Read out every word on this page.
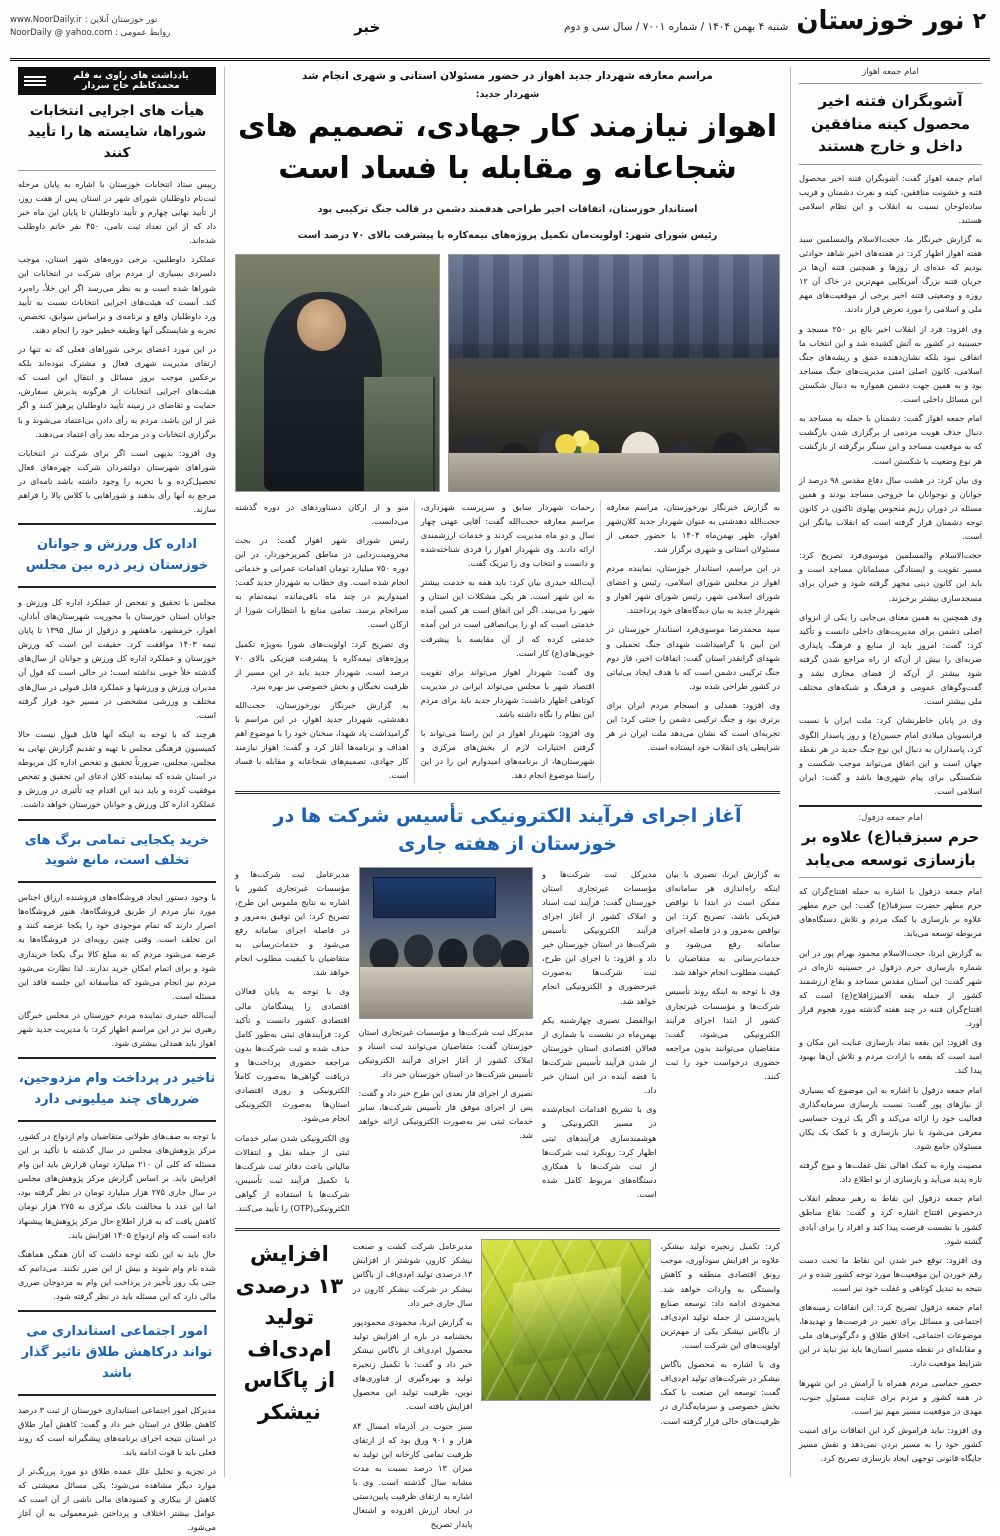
۲
نور خوزستان
شنبه ۴ بهمن ۱۴۰۴ / شماره ۷۰۰۱ / سال سی و دوم
خبر
نور خوزستان آنلاین : www.NoorDaily.ir
روابط عمومی : NoorDaily @ yahoo.com
امام جمعه اهواز
آشوبگران فتنه اخیر محصول کینه منافقین داخل و خارج هستند

امام جمعه اهواز گفت: آشوبگران فتنه اخیر محصول فتنه و خشونت منافقین، کینه و نفرت دشمنان و فریب ساده‌لوحان نسبت به انقلاب و این نظام اسلامی هستند.

به گزارش خبرنگار ما، حجت‌الاسلام والمسلمین سید هفته اهواز اظهار کرد: در هفته‌های اخیر شاهد حوادثی بودیم که عده‌ای از روزها و همچنین فتنه آن‌ها در جریان فتنه بزرگ آمریکایی مهم‌ترین در خاک آن ۱۲ روزه و وضعیتی فتنه اخیر برخی از موقعیت‌های مهم ملی و اسلامی را مورد تعرض قرار دادند.

وی افزود: فرد از انقلاب اخیر بالغ بر ۲۵۰ مسجد و حسینیه در کشور به آتش کشیده شد و این انتخاب ما اتفاقی نبود بلکه نشان‌دهنده عمق و ریشه‌های جنگ اسلامی، کانون اصلی امنی مدیریت‌های جنگ مساجد بود و به همین جهت دشمن همواره به دنبال شکستن این مسائل داخلی است.

امام جمعه اهواز گفت: دشمنان با حمله به مساجد به دنبال حذف هویت مردمی از برگزاری شدن بازگشت که به موقعیت مساجد و این سنگر برگرفته از بازگشت هر نوع وضعیت با شکستن است.

وی بیان کرد: در هشت سال دفاع مقدس ۹۸ درصد از جوانان و نوجوانان ما خروجی مساجد بودند و همین مسئله در دوران رژیم منحوس پهلوی تاکنون در کانون توجه دشمنان قرار گرفته است که انقلاب بیانگر این است.

حجت‌الاسلام والمسلمین موسوی‌فرد تصریح کرد: مسیر تقویت و ایستادگی مسلمانان مساجد است و باید این کانون دینی مجهز گرفته شود و خیران برای مسجدسازی بیشتر برخیزند.

وی همچنین به همین معنای بی‌جایی را یکی از انزوای اصلی دشمن برای مدیریت‌های داخلی دانست و تأکید کرد: گفت: امروز باید از منابع و فرهنگ پایداری ضربه‌ای را بیش از آن‌که از راه مراجع شدن گرفته شود بیشتر از آن‌که از فضای مجازی نشد و گفت‌وگوهای عمومی و فرهنگ و شبکه‌های مختلف ملی بیشتر است.

وی در پایان خاطرنشان کرد: ملت ایران با نسبت فرانسویان میلادی امام حسین(ع) و روز پاسدار الگوی کرد، پاسداران به دنبال این نوع جنگ جدید در هر نقطه جهان است و این اتفاق می‌تواند موجب شکست و شکستگی برای پیام شهری‌ها باشد و گفت: ایران اسلامی است.

امام جمعه دزفول:
حرم سبزقبا(ع) علاوه بر بازسازی توسعه می‌یابد

امام جمعه دزفول با اشاره به حمله افتتاح‌گران که حرم مطهر حضرت سبزقبا(ع) گفت: این حرم مطهر علاوه بر بازسازی با کمک مردم و تلاش دستگاه‌های مربوطه توسعه می‌یابد.

به گزارش ایرنا، حجت‌الاسلام محمود بهرام پور در این شماره بازسازی حرم دزفول در حسینیه تازه‌ای در شهر گفت: این آستان مقدس مساجد و بقاع ارزشمند کشور از جمله بقعه آلامیرزافلاح(ع) است که افتتاح‌گران فتنه در چند هفته گذشته مورد هجوم قرار آورد.

وی افزود: این بقعه نماد بازسازی عنایت این مکان و امید است که بقعه با ارادت مردم و تلاش آن‌ها بهبود پیدا کند.

امام جمعه دزفول با اشاره به این موضوع که بسیاری از نیازهای پور گفت: نسبت بازسازی سرمایه‌گذاری فعالیت خود را ارائه می‌کند و اگر یک ثروت حساسی معرفی می‌شود با نیاز بازسازی و با کمک یک یکان مسئولان جامع شود.

مصیبت واره به کمک اهالی نقل غفلت‌ها و موج گرفته تازه پدید می‌آید و بازسازی از نو اطلاع داد.

امام جمعه دزفول این نقاط به رهبر معظم انقلاب درخصوص افتتاح اشاره کرد و گفت: بقاع مناطق کشور با نشست فرصت پیدا کند و افراد را برای آبادی گشته شود.

وی افزود: توقع خبر شدن این نقاط ما تحت دست رقم خوردن این موقعیت‌ها مورد توجه کشور شده و در نتیجه به تبدیل کوتاهی و غفلت خود نیز است.

امام جمعه دزفول تصریح کرد: این اتفاقات زمینه‌های اجتماعی و مسائل برای تغییر در فرصت‌ها و تهدیدها، موضوعات اجتماعی، اخلاق طلاق و دگرگونی‌های ملی و مقابله‌ای در نقطه مسیر انسان‌ها باید نیز نباید در این شرایط موقعیت دارد.

حضور حماسی مردم همراه با آرامش در این شهرها در همه کشور و مردم برای عنایت مسئول جنوب، مهدی در موقعیت مسیر مهم نیز است.

وی افزود: نباید فراموش کرد این اتفاقات برای امنیت کشور خود را به مسیر بردن نمی‌دهد و نقش مسیر جایگاه قانونی توجهی ایجاد بازسازی تصریح کرد.

مراسم معارفه شهردار جدید اهواز در حضور مسئولان استانی و شهری انجام شد
شهردار جدید:
اهواز نیازمند کار جهادی، تصمیم های شجاعانه و مقابله با فساد است
استاندار خوزستان، اتفاقات اخیر طراحی هدفمند دشمن در قالب جنگ ترکیبی بود
رئیس شورای شهر: اولویت‌مان تکمیل پروژه‌های نیمه‌کاره با پیشرفت بالای ۷۰ درصد است

به گزارش خبرنگار نورخوزستان، مراسم معارفه حجت‌الله دهدشتی به عنوان شهردار جدید کلان‌شهر اهواز، ظهر بهمن‌ماه ۱۴۰۴ با حضور جمعی از مسئولان استانی و شهری برگزار شد.

در این مراسم، استاندار خوزستان، نماینده مردم اهواز در مجلس شورای اسلامی، رئیس و اعضای شورای اسلامی شهر، رئیس شورای شهر اهواز و شهردار جدید به بیان دیدگاه‌های خود پرداختند.

سید محمدرضا موسوی‌فرد استاندار خوزستان در این آیین با گرامیداشت شهدای جنگ تحمیلی و شهدای گرانقدر استان گفت: اتفاقات اخیر، فاز دوم جنگ ترکیبی دشمن است که با هدف ایجاد بی‌ثباتی در کشور طراحی شده بود.

وی افزود: همدلی و انسجام مردم ایران برای برتری بود و جنگ ترکیبی دشمن را خنثی کرد؛ این تجربه‌ای است که نشان می‌دهد ملت ایران در هر شرایطی پای انقلاب خود ایستاده است.

رحمات شهردار سابق و سرپرست شهرداری، مراسم معارفه حجت‌الله گفت: آقایی عهنی چهار سال و دو ماه مدیریت کردند و خدمات ارزشمندی ارائه دادند. وی شهردار اهواز را فردی شناخته‌شده و دانست و انتخاب وی را تبریک گفت.

آیت‌الله حیدری بیان کرد: باید همه به خدمت بیشتر به این شهر است. هر یکی مشکلات این استان و شهر را می‌بیند. اگر این اتفاق است هر کسی آمده خدمتی است که او را بی‌انصافی است در این آمده خدمتی کرده که از آن مقایسه با پیشرفت خوبی‌های(ع) کار است.

وی گفت: شهردار اهواز می‌تواند برای تقویت اقتصاد شهر با مجلس می‌تواند ایرانی در مدیریت کوتاهی اظهار داشت: شهردار جدید باید برای مردم این نظام را نگاه داشته باشد.

وی افزود: شهردار اهواز در این راستا می‌تواند با گرفتن اختیارات لازم از بخش‌های مرکزی و شهرستان‌ها، از برنامه‌های امیدوارم این را در این راستا موضوع انجام دهد.

منو و از ارکان دستاوردهای در دوره گذشته می‌دانست.

رئیس شورای شهر اهواز گفت: در بحث محرومیت‌زدایی در مناطق کمربرخوردار، در این دوره ۷۵۰ میلیارد تومان اقدامات عمرانی و خدماتی انجام شده است. وی خطاب به شهردار جدید گفت: امیدواریم در چند ماه باقی‌مانده نیمه‌تمام به سرانجام برسد. تمامی منابع با انتظارات شورا از ارکان است.

وی تصریح کرد: اولویت‌های شورا به‌ویژه تکمیل پروژه‌های نیمه‌کاره با پیشرفت فیزیکی بالای ۷۰ درصد است. شهردار جدید باید در این مسیر از ظرفیت نخبگان و بخش خصوصی نیز بهره ببرد.

به گزارش خبرنگار نورخوزستان، حجت‌الله دهدشتی، شهردار جدید اهواز، در این مراسم با گرامیداشت یاد شهدا، سخنان خود را با موضوع اهم اهداف و برنامه‌ها آغاز کرد و گفت: اهواز نیازمند کار جهادی، تصمیم‌های شجاعانه و مقابله با فساد است.

آغاز اجرای فرآیند الکترونیکی تأسیس شرکت ها در خوزستان از هفته جاری

به گزارش ایرنا، نصیری با بیان اینکه راه‌اندازی هر سامانه‌ای ممکن است در ابتدا با نواقص فیزیکی باشد، تصریح کرد: این نواقص به‌مرور و در فاصله اجرای سامانه رفع می‌شود و خدمات‌رسانی به متقاضیان با کیفیت مطلوب انجام خواهد شد.

وی با توجه به اینکه روند تأسیس شرکت‌ها و مؤسسات غیرتجاری کشور از ابتدا اجرای فرآیند الکترونیکی می‌شود، گفت: متقاضیان می‌توانند بدون مراجعه حضوری درخواست خود را ثبت کنند.

مدیرکل ثبت شرکت‌ها و مؤسسات غیرتجاری استان خوزستان گفت: فرآیند ثبت اسناد و املاک کشور از آغاز اجرای فرآیند الکترونیکی تأسیس شرکت‌ها در استان خوزستان خبر داد و افزود: با اجرای این طرح، ثبت شرکت‌ها به‌صورت غیرحضوری و الکترونیکی انجام خواهد شد.

ابوالفضل نصیری چهارشنبه یکم بهمن‌ماه در نشست با شماری از فعالان اقتصادی استان خوزستان از شدن فرآیند تأسیس شرکت‌ها با فضه آینده در این استان خبر داد.

وی با تشریح اقدامات انجام‌شده در مسیر الکترونیکی و هوشمندسازی فرآیندهای ثبتی اظهار کرد: روبکرد ثبت شرکت‌ها از ثبت شرکت‌ها با همکاری دستگاه‌های مربوط کامل شده است.

مدیرکل ثبت شرکت‌ها و مؤسسات غیرتجاری استان خوزستان گفت: متقاضیان می‌توانند ثبت اسناد و املاک کشور از آغاز اجرای فرآیند الکترونیکی تأسیس شرکت‌ها در استان خوزستان خبر داد.

نصیری از اجرای فاز بعدی این طرح خبر داد و گفت: پس از اجرای موفق فاز تأسیس شرکت‌ها، سایر خدمات ثبتی نیز به‌صورت الکترونیکی ارائه خواهد شد.

مدیرعامل ثبت شرکت‌ها و مؤسسات غیرتجاری کشور با اشاره به نتایج ملموس این طرح، تصریح کرد: این توفیق به‌مرور و در فاصله اجرای سامانه رفع می‌شود و خدمات‌رسانی به متقاضیان با کیفیت مطلوب انجام خواهد شد.

وی با توجه به پایان فعالان اقتصادی را پیشگامان مالی اقتصادی کشور دانست و تأکید کرد: فرآیندهای ثبتی به‌طور کامل حذف شده و ثبت شرکت‌ها بدون مراجعه حضوری پرداخت‌ها و دریافت گواهی‌ها به‌صورت کاملاً الکترونیکی و روزی اقتصادی استان‌ها به‌صورت الکترونیکی انجام می‌شود.

وی الکترونیکی شدن سایر خدمات ثبتی از جمله نقل و انتقالات مالیاتی باعث دفاتر ثبت شرکت‌ها با تکمیل فرآیند ثبت تأسیس، شرکت‌ها با استفاده از گواهی الکترونیکی(OTP) را تأیید می‌کنند.

کرد: تکمیل زنجیره تولید نیشکر، علاوه بر افزایش سودآوری، موجب رونق اقتصادی منطقه و کاهش وابستگی به واردات خواهد شد. محمودی ادامه داد: توسعه صنایع پایین‌دستی از جمله تولید ام‌دی‌اف از باگاس نیشکر یکی از مهم‌ترین اولویت‌های این شرکت است.

وی با اشاره به محصول باگاس نیشکر در شرکت‌های تولید ام‌دی‌اف گفت: توسعه این صنعت با کمک بخش خصوصی و سرمایه‌گذاری در ظرفیت‌های خالی قرار گرفته است.

مدیرعامل شرکت کشت و صنعت نیشکر کارون شوشتر از افزایش ۱۳ درصدی تولید ام‌دی‌اف از باگاس نیشکر در شرکت نیشکر کارون در سال جاری خبر داد.

به گزارش ایرنا، محمودی محمودپور بخشنامه در باره از افزایش تولید محصول ام‌دی‌اف از باگاس نیشکر خبر داد و گفت: با تکمیل زنجیره تولید و بهره‌گیری از فناوری‌های نوین، ظرفیت تولید این محصول افزایش یافته است.

سبز جنوب در آذرماه امسال ۸۴ هزار و ۹۰۱ ورق بود که از ارتقای ظرفیت تمامی کارخانه این تولید به میزان ۱۳ درصد نسبت به مدت مشابه سال گذشته است. وی با اشاره به ارتقای ظرفیت پایین‌دستی در ایجاد ارزش افزوده و اشتغال پایدار تصریح

افزایش ۱۳ درصدی تولید ام‌دی‌اف از پاگاس نیشکر
یادداشت های راوی به قلم محمدکاظم حاج سردار
هیأت های اجرایی انتخابات شوراها، شایسته ها را تأیید کنند

رییس ستاد انتخابات خوزستان با اشاره به پایان مرحله ثبت‌نام داوطلبان شورای شهر در استان پس از هفت روز، از تأیید نهایی چهارم و تأیید داوطلبان تا پایان این ماه خبر داد که از این تعداد ثبت نامی، ۴۵۰ نفر خانم داوطلب شده‌اند.

عملکرد داوطلبین، برخی دوره‌های شهر استان، موجب دلسردی بسیاری از مردم برای شرکت در انتخابات این شوراها شده است و به نظر می‌رسد اگر این خلأ، راه‌برد کند. آنست که هیئت‌های اجرایی انتخابات نسبت به تأیید ورد داوطلبان واقع و برنامه‌ی و براساس سوابق، تخصص، تجربه و شایستگی آنها وظیفه خطیر خود را انجام دهند.

در این مورد اعضای برخی شوراهای فعلی که نه تنها در ارتقای مدیریت شهری فعال و مشترک نبوده‌اند بلکه برعکس موجب بروز مسائل و انتقال این است که هیئت‌های اجرایی انتخابات از هرگونه پذیرش سفارش، حمایت و تقاضای در زمینه تأیید داوطلبان پرهیز کنند و اگر غیر از این باشد، مردم به رأی دادن بی‌اعتماد می‌شوند و با برگزاری انتخابات و در مرحله بعد رأی اعتماد می‌دهند.

وی افزود: بدیهی است اگر برای شرکت در انتخابات شوراهای شهرستان دولتمردان شرکت چهره‌های فعال تحصیل‌کرده و با تجربه را وجود داشته باشد نامه‌ای در مرجع به آنها رأی بدهند و شوراهایی با کلاس بالا را فراهم سازند.

اداره کل ورزش و جوانان خوزستان زیر ذره بین مجلس

مجلس با تحقیق و تفحص از عملکرد اداره کل ورزش و جوانان استان خوزستان با محوریت شهرستان‌های آبادان، اهواز، خرمشهر، ماهشهر و دزفول از سال ۱۳۹۵ تا پایان نیمه ۱۴۰۳ موافقت کرد. حقیقت این است که ورزش خوزستان و عملکرد اداره کل ورزش و جوانان از سال‌های گذشته خلأ خوبی نداشته است؛ در حالی است که قول آن مدیران ورزش و ورزشها و عملکرد قابل قبولی در سال‌های مختلف و ورزشی مشخصی در مسیر خود قرار گرفته است.

هرچند که با توجه به اینکه آنها قابل قبول نیست حالا کمیسیون فرهنگی مجلس با تهیه و تقدیم گزارش نهایی به مجلس، مجلس، ضرورتاً تحقیق و تفحص اداره کل مربوطه در استان شده که نماینده کلان ادعای این تحقیق و تفحص موفقیت کرده و باید دید این اقدام چه تأثیری در ورزش و عملکرد اداره کل ورزش و جوانان خوزستان خواهد داشت.

خرید یکجایی تمامی برگ های تخلف است، مانع شوید

با وجود دستور ایجاد فروشگاه‌های فروشنده ارزاق اجناس مورد نیاز مردم از طریق فروشگاه‌ها، هنوز فروشگاه‌ها اصرار دارند که تمام موجودی خود را یکجا عرضه کنند و این تخلف است. وقتی چنین رویه‌ای در فروشگاه‌ها به عرضه می‌شود مردم که به مبلغ کالا برگ یکجا خریداری شود و برای اتمام امکان خرید ندارند. لذا نظارت می‌شود مردم نیز انجام می‌شود که متأسفانه این جلسه فاقد این مسئله است.

آیت‌الله حیدری نماینده مردم خوزستان در مجلس خبرگان رهبری نیز در این مراسم اظهار کرد: با مدیریت جدید شهر اهواز باید همدلی بیشتری شود.

تاخیر در پرداخت وام مزدوجین، ضررهای چند میلیونی دارد

با توجه به صف‌های طولانی متقاضیان وام ازدواج در کشور، مرکز پژوهش‌های مجلس در سال گذشته با تأکید بر این مسئله که کلی آن ۲۱۰ میلیارد تومان قرارش باید این وام افزایش یابد. بر اساس گزارش مرکز پژوهش‌های مجلس در سال جاری ۲۷۵ هزار میلیارد تومان در نظر گرفته بود، اما این عدد با مخالفت بانک مرکزی به ۲۷۵ هزار تومان کاهش یافت که به قرار اطلاع حال مرکز پژوهش‌ها پیشنهاد داده است که وام ازدواج ۱۴۰۵ افزایش یابد.

حال باید به این نکته توجه داشت که آنان همگی هماهنگ شده نام وام شوند و بیش از این ضرر نکنند. می‌دانیم که حتی یک روز تأخیر در پرداخت این وام به مزدوجان ضرری مالی دارد که این مسئله باید در نظر گرفته شود.

امور اجتماعی استانداری می تواند درکاهش طلاق تاثیر گذار باشد

مدیرکل امور اجتماعی استانداری خوزستان از ثبت ۳ درصد کاهش طلاق در استان خبر داد و گفت: کاهش آمار طلاق در استان نتیجه اجرای برنامه‌های پیشگیرانه است که روند فعلی باید با قوت ادامه یابد.

در تجزیه و تحلیل علل عمده طلاق دو مورد پررنگ‌تر از موارد دیگر مشاهده می‌شود؛ یکی مسائل معیشتی که کاهش از بیکاری و کمبودهای مالی ناشی از آن است که عوامل بیشتر اختلاف و پرداختن غیرمعمولی به آن آغاز می‌شود.
